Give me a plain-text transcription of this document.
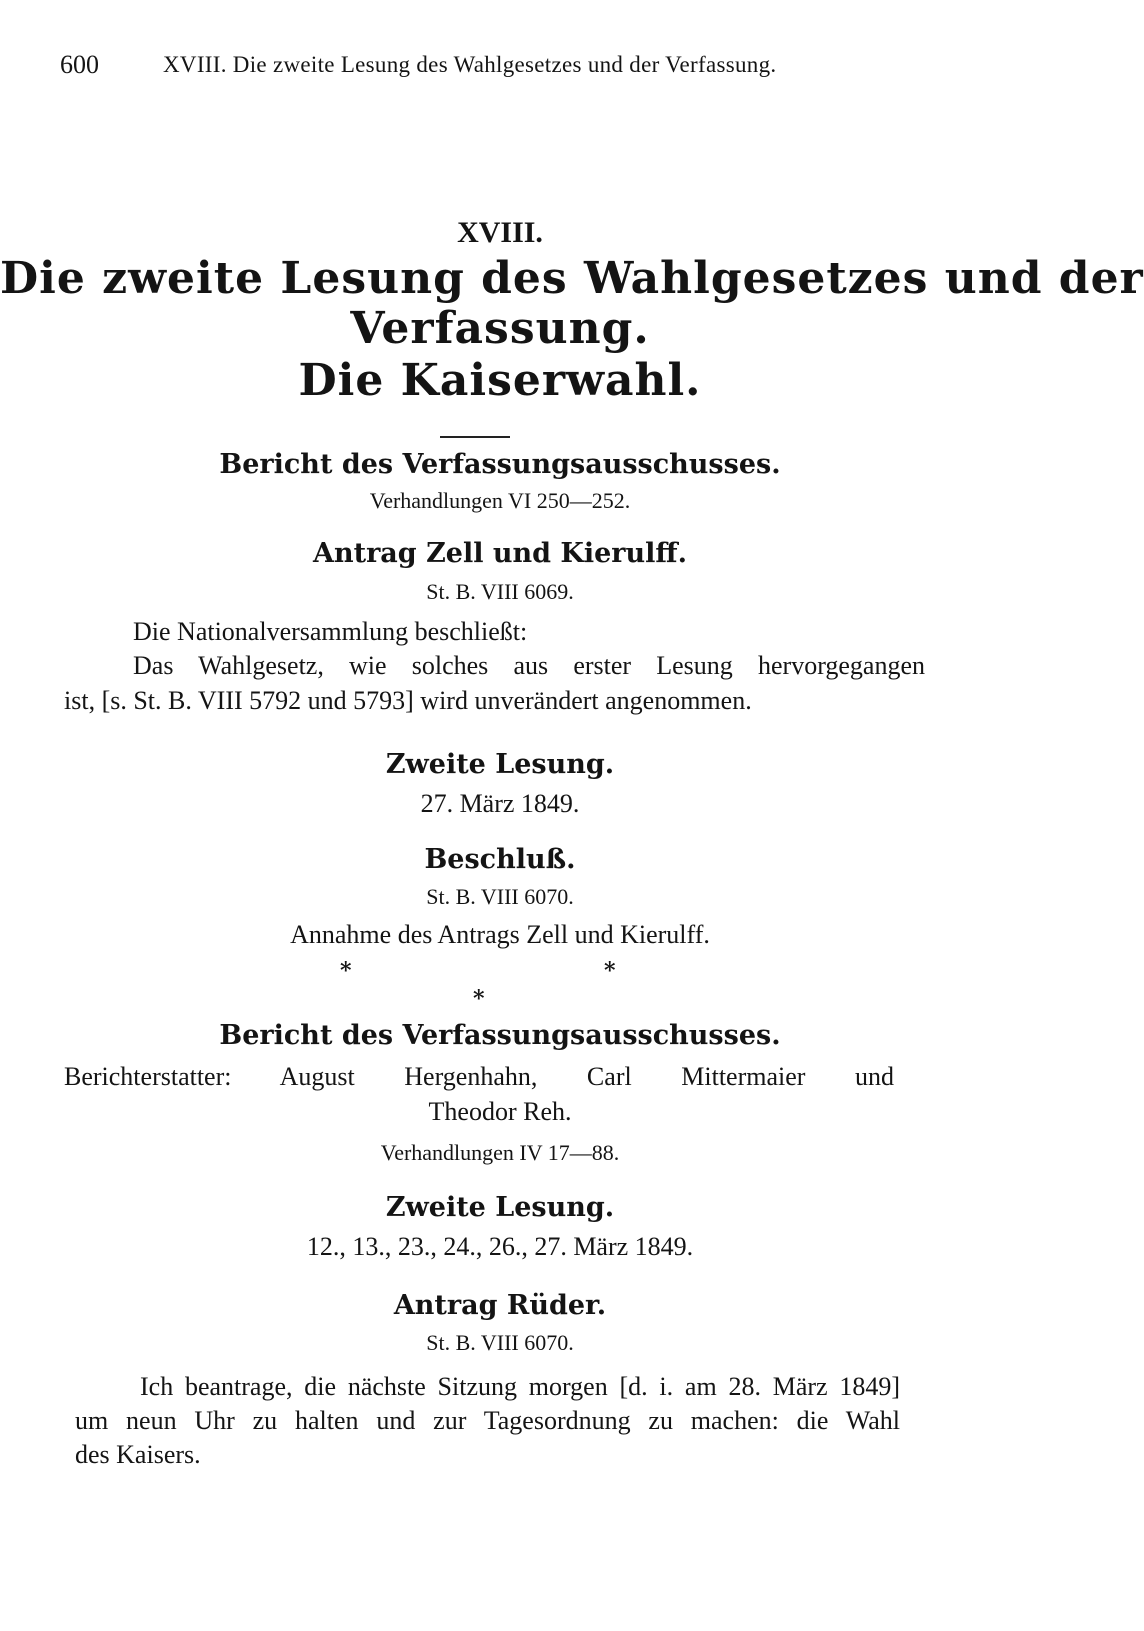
600	XVIII. Die zweite Lesung des Wahlgesetzes und der Verfassung.
XVIII.
Die zweite Lesung des Wahlgesetzes und der
Verfassung.
Die Kaiserwahl.
Bericht des Verfassungsausschusses.
Verhandlungen VI 250—252.
Antrag Zell und Kierulff.
St. B. VIII 6069.
Die Nationalversammlung beschließt:
Das Wahlgesetz, wie solches aus erster Lesung hervorgegangen
ist, [s. St. B. VIII 5792 und 5793] wird unverändert angenommen.
Zweite Lesung.
27. März 1849.
Beschluß.
St. B. VIII 6070.
Annahme des Antrags Zell und Kierulff.
*	*
*
Bericht des Verfassungsausschusses.
Berichterstatter: August Hergenhahn, Carl Mittermaier und
Theodor Reh.
Verhandlungen IV 17—88.
Zweite Lesung.
12., 13., 23., 24., 26., 27. März 1849.
Antrag Rüder.
St. B. VIII 6070.
Ich beantrage, die nächste Sitzung morgen [d. i. am 28. März 1849]
um neun Uhr zu halten und zur Tagesordnung zu machen: die Wahl
des Kaisers.
